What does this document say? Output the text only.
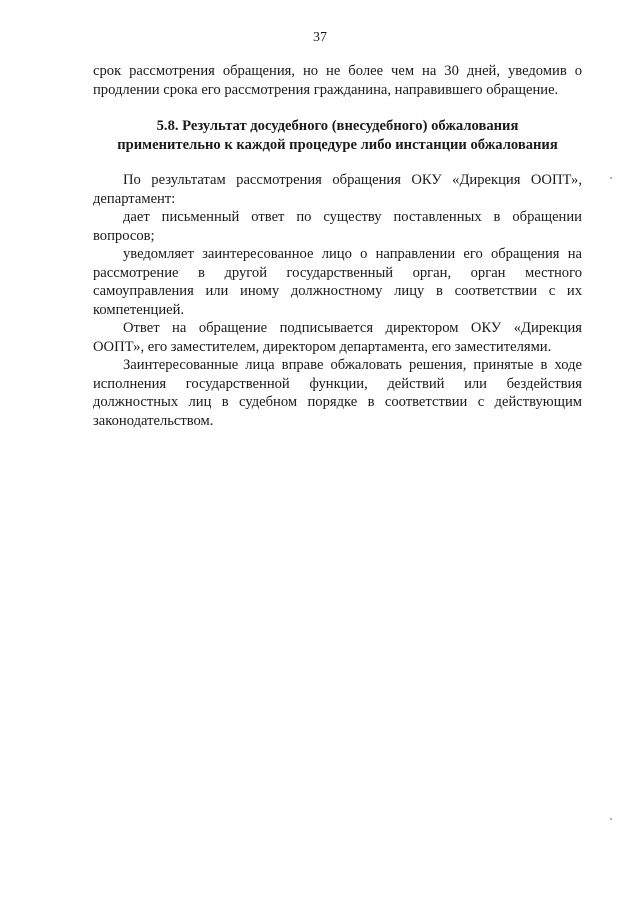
37

срок рассмотрения обращения, но не более чем на 30 дней, уведомив о продлении срока его рассмотрения гражданина, направившего обращение.

5.8. Результат досудебного (внесудебного) обжалования
применительно к каждой процедуре либо инстанции обжалования

По результатам рассмотрения обращения ОКУ «Дирекция ООПТ», департамент:

дает письменный ответ по существу поставленных в обращении вопросов;

уведомляет заинтересованное лицо о направлении его обращения на рассмотрение в другой государственный орган, орган местного самоуправления или иному должностному лицу в соответствии с их компетенцией.

Ответ на обращение подписывается директором ОКУ «Дирекция ООПТ», его заместителем, директором департамента, его заместителями.

Заинтересованные лица вправе обжаловать решения, принятые в ходе исполнения государственной функции, действий или бездействия должностных лиц в судебном порядке в соответствии с действующим законодательством.
